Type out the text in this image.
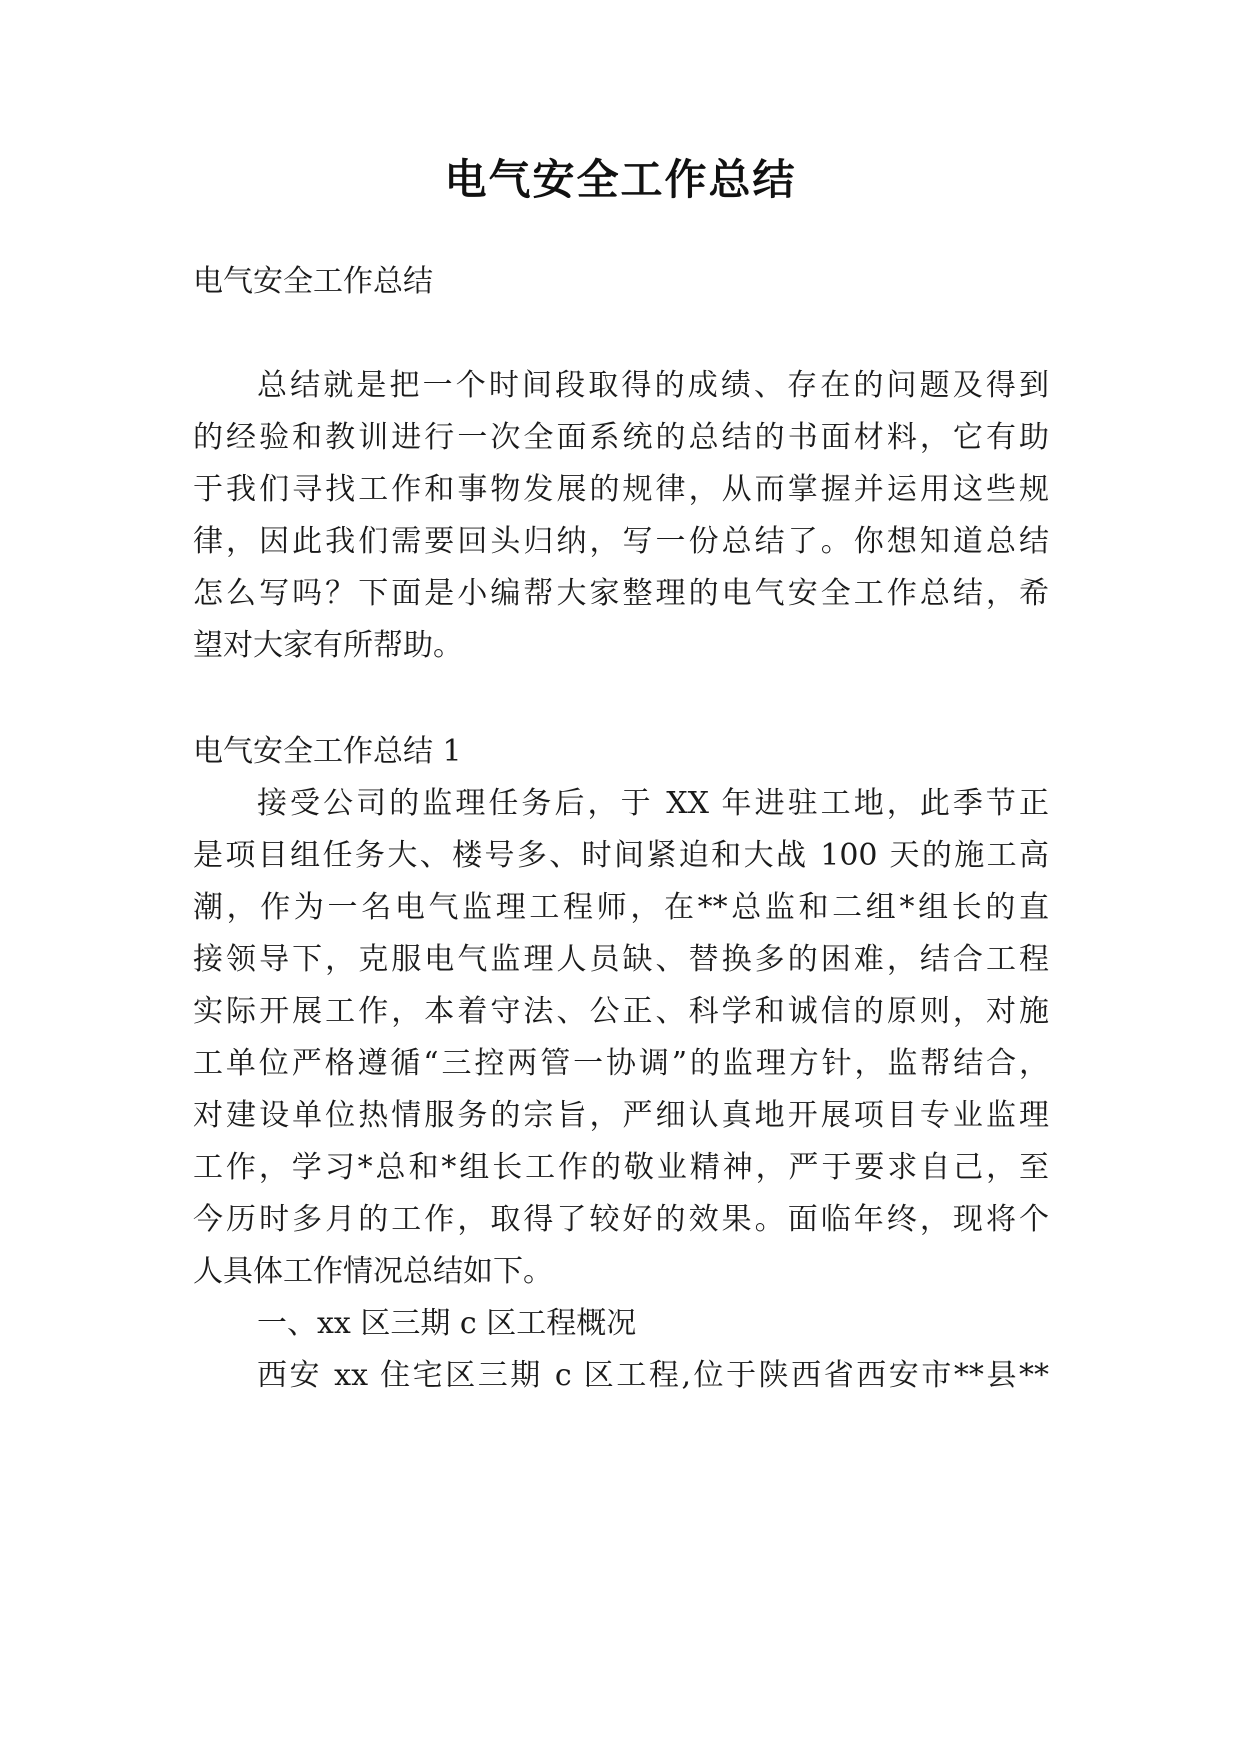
电气安全工作总结
电气安全工作总结
总结就是把一个时间段取得的成绩、存在的问题及得到
的经验和教训进行一次全面系统的总结的书面材料，它有助
于我们寻找工作和事物发展的规律，从而掌握并运用这些规
律，因此我们需要回头归纳，写一份总结了。你想知道总结
怎么写吗？下面是小编帮大家整理的电气安全工作总结，希
望对大家有所帮助。
电气安全工作总结 1
接受公司的监理任务后，于 XX 年进驻工地，此季节正
是项目组任务大、楼号多、时间紧迫和大战 100 天的施工高
潮，作为一名电气监理工程师，在**总监和二组*组长的直
接领导下，克服电气监理人员缺、替换多的困难，结合工程
实际开展工作，本着守法、公正、科学和诚信的原则，对施
工单位严格遵循“三控两管一协调”的监理方针，监帮结合，
对建设单位热情服务的宗旨，严细认真地开展项目专业监理
工作，学习*总和*组长工作的敬业精神，严于要求自己，至
今历时多月的工作，取得了较好的效果。面临年终，现将个
人具体工作情况总结如下。
一、xx 区三期 c 区工程概况
西安 xx 住宅区三期 c 区工程,位于陕西省西安市**县**
